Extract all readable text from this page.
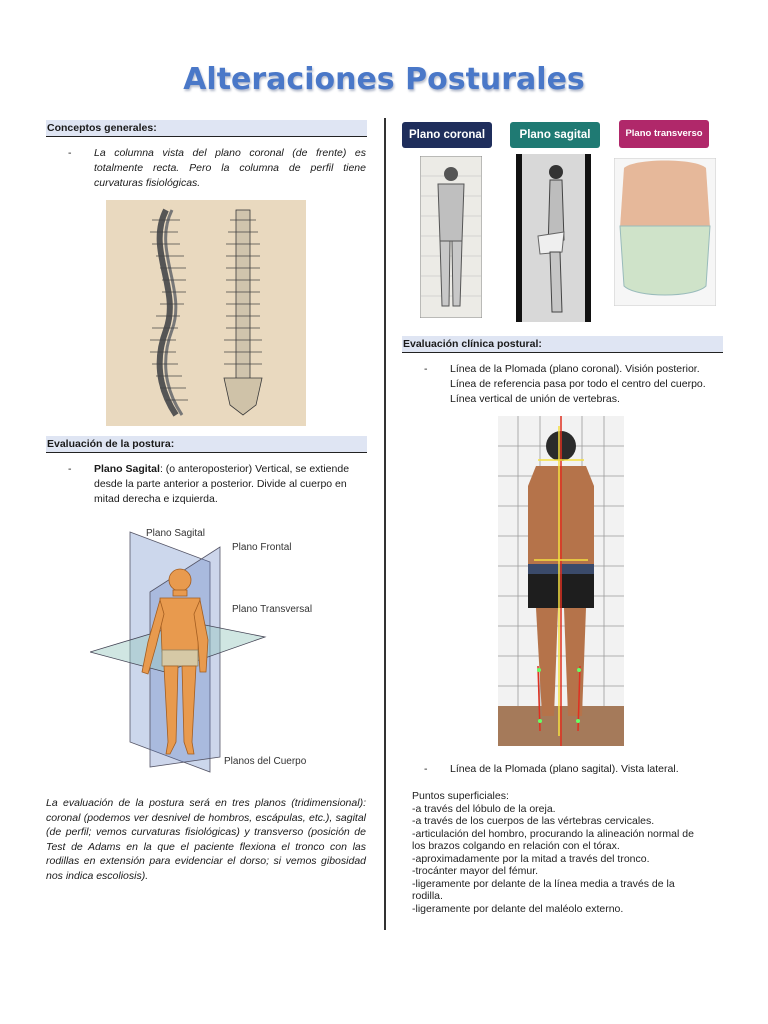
Alteraciones Posturales
Conceptos generales:
- La columna vista del plano coronal (de frente) es totalmente recta. Pero la columna de perfil tiene curvaturas fisiológicas.
Evaluación de la postura:
- Plano Sagital: (o anteroposterior) Vertical, se extiende desde la parte anterior a posterior. Divide al cuerpo en mitad derecha e izquierda.
Plano Sagital
Plano Frontal
Plano Transversal
Planos del Cuerpo
La evaluación de la postura será en tres planos (tridimensional): coronal (podemos ver desnivel de hombros, escápulas, etc.), sagital (de perfil; vemos curvaturas fisiológicas) y transverso (posición de Test de Adams en la que el paciente flexiona el tronco con las rodillas en extensión para evidenciar el dorso; si vemos gibosidad nos indica escoliosis).
Plano coronal	Plano sagital	Plano transverso
Evaluación clínica postural:
- Línea de la Plomada (plano coronal). Visión posterior. Línea de referencia pasa por todo el centro del cuerpo. Línea vertical de unión de vertebras.
- Línea de la Plomada (plano sagital). Vista lateral.
Puntos superficiales:
-a través del lóbulo de la oreja.
-a través de los cuerpos de las vértebras cervicales.
-articulación del hombro, procurando la alineación normal de
los brazos colgando en relación con el tórax.
-aproximadamente por la mitad a través del tronco.
-trocánter mayor del fémur.
-ligeramente por delante de la línea media a través de la
rodilla.
-ligeramente por delante del maléolo externo.
